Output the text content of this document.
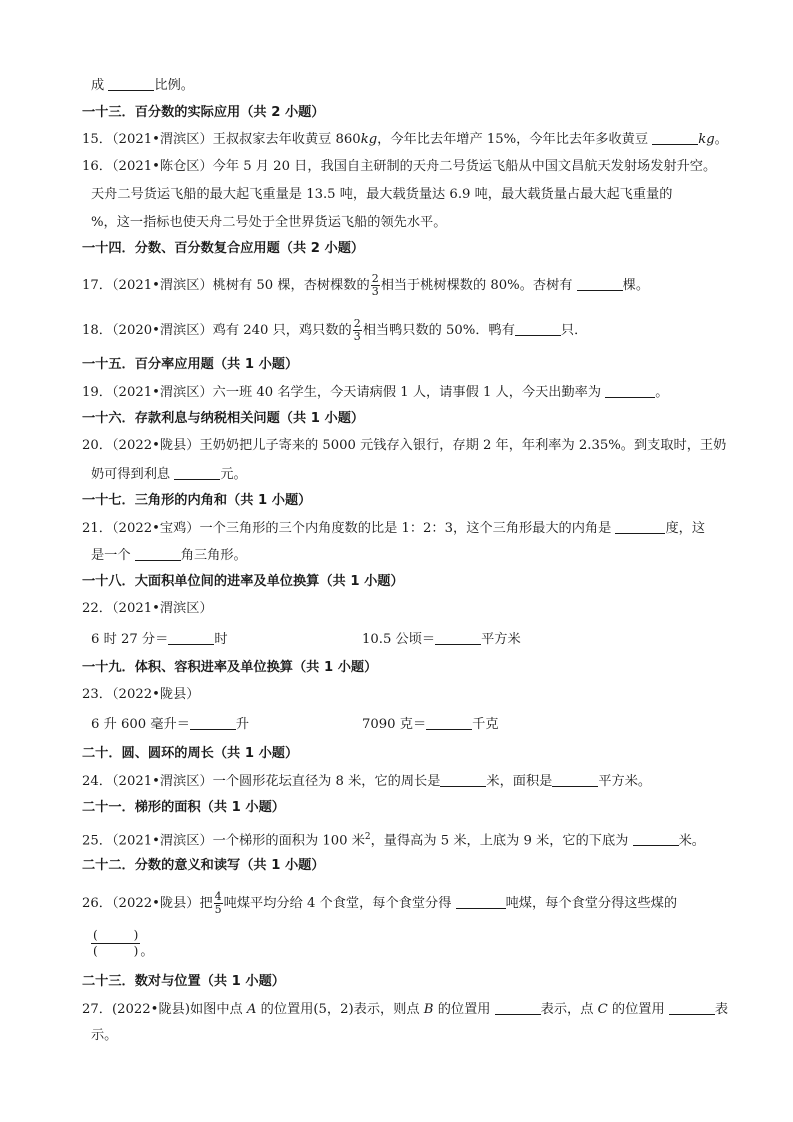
成	比例。
一十三．百分数的实际应用（共 2 小题）
15．（2021•渭滨区）王叔叔家去年收黄豆 860kg，今年比去年增产 15%，今年比去年多收黄豆	kg。
16．（2021•陈仓区）今年 5 月 20 日，我国自主研制的天舟二号货运飞船从中国文昌航天发射场发射升空。
天舟二号货运飞船的最大起飞重量是 13.5 吨，最大载货量达 6.9 吨，最大载货量占最大起飞重量的
%，这一指标也使天舟二号处于全世界货运飞船的领先水平。
一十四．分数、百分数复合应用题（共 2 小题）
17．（2021•渭滨区）桃树有 50 棵，杏树棵数的 $\frac{2}{3}$ 相当于桃树棵数的 80%。杏树有	棵。
18．（2020•渭滨区）鸡有 240 只，鸡只数的 $\frac{2}{3}$ 相当鸭只数的 50%．鸭有	只．
一十五．百分率应用题（共 1 小题）
19．（2021•渭滨区）六一班 40 名学生，今天请病假 1 人，请事假 1 人，今天出勤率为	。
一十六．存款利息与纳税相关问题（共 1 小题）
20．（2022•陇县）王奶奶把儿子寄来的 5000 元钱存入银行，存期 2 年，年利率为 2.35%。到支取时，王奶
奶可得到利息	元。
一十七．三角形的内角和（共 1 小题）
21．（2022•宝鸡）一个三角形的三个内角度数的比是 1：2：3，这个三角形最大的内角是	度，这
是一个	角三角形。
一十八．大面积单位间的进率及单位换算（共 1 小题）
22．（2021•渭滨区）
6 时 27 分＝	时	10.5 公顷＝	平方米
一十九．体积、容积进率及单位换算（共 1 小题）
23．（2022•陇县）
6 升 600 毫升＝	升	7090 克＝	千克
二十．圆、圆环的周长（共 1 小题）
24．（2021•渭滨区）一个圆形花坛直径为 8 米，它的周长是	米，面积是	平方米。
二十一．梯形的面积（共 1 小题）
25．（2021•渭滨区）一个梯形的面积为 100 米$^2$，量得高为 5 米，上底为 9 米，它的下底为	米。
二十二．分数的意义和读写（共 1 小题）
26．（2022•陇县）把 $\frac{4}{5}$ 吨煤平均分给 4 个食堂，每个食堂分得	吨煤，每个食堂分得这些煤的
(　　　)
(　　　) 。
二十三．数对与位置（共 1 小题）
27．(2022•陇县)如图中点 A 的位置用(5，2)表示，则点 B 的位置用	表示，点 C 的位置用	表
示。
